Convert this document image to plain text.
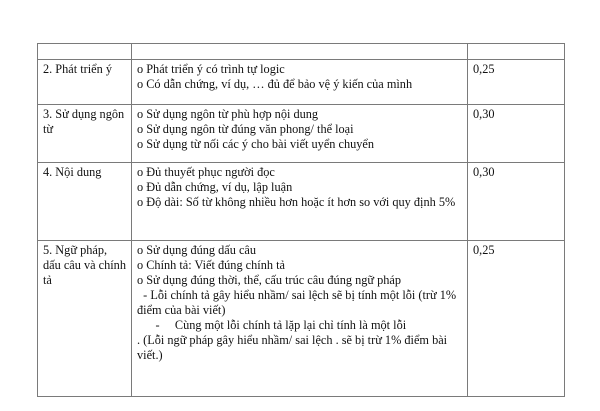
2. Phát triển ý	o Phát triển ý có trình tự logic
o Có dẫn chứng, ví dụ, … đủ để bảo vệ ý kiến của mình	0,25

3. Sử dụng ngôn từ	o Sử dụng ngôn từ phù hợp nội dung
o Sử dụng ngôn từ đúng văn phong/ thể loại
o Sử dụng từ nối các ý cho bài viết uyển chuyển	0,30

4. Nội dung	o Đủ thuyết phục người đọc
o Đủ dẫn chứng, ví dụ, lập luận
o Độ dài: Số từ không nhiều hơn hoặc ít hơn so với quy định 5%	0,30

5. Ngữ pháp, dấu câu và chính tả

o Sử dụng đúng dấu câu
o Chính tả: Viết đúng chính tả
o Sử dụng đúng thời, thể, cấu trúc câu đúng ngữ pháp
- Lỗi chính tả gây hiểu nhầm/ sai lệch sẽ bị tính một lỗi (trừ 1% điểm của bài viết)
-     Cùng một lỗi chính tả lặp lại chỉ tính là một lỗi
. (Lỗi ngữ pháp gây hiểu nhầm/ sai lệch . sẽ bị trừ 1% điểm bài
viết.)
	0,25
